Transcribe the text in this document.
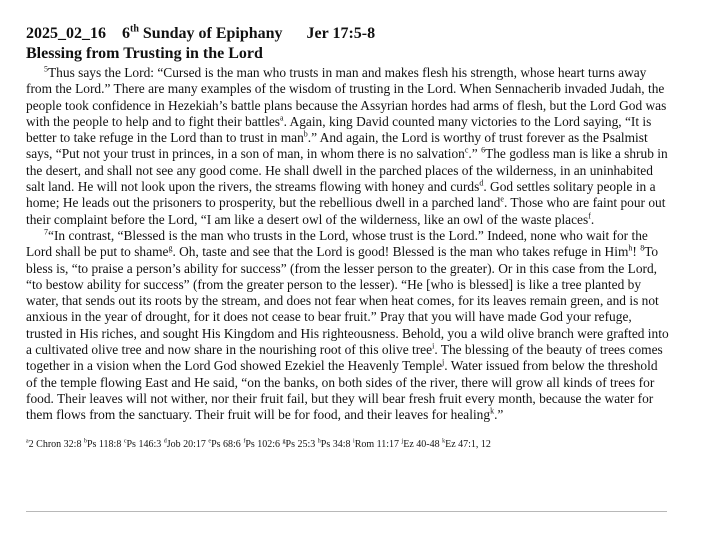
2025_02_16 6th Sunday of Epiphany Jer 17:5-8
Blessing from Trusting in the Lord

$^5$Thus says the Lord: “Cursed is the man who trusts in man and makes flesh his strength, whose heart turns away from the Lord.” There are many examples of the wisdom of trusting in the Lord. When Sennacherib invaded Judah, the people took confidence in Hezekiah’s battle plans because the Assyrian hordes had arms of flesh, but the Lord God was with the people to help and to fight their battles$^a$. Again, king David counted many victories to the Lord saying, “It is better to take refuge in the Lord than to trust in man$^b$.” And again, the Lord is worthy of trust forever as the Psalmist says, “Put not your trust in princes, in a son of man, in whom there is no salvation$^c$.” $^6$The godless man is like a shrub in the desert, and shall not see any good come. He shall dwell in the parched places of the wilderness, in an uninhabited salt land. He will not look upon the rivers, the streams flowing with honey and curds$^d$. God settles solitary people in a home; He leads out the prisoners to prosperity, but the rebellious dwell in a parched land$^e$. Those who are faint pour out their complaint before the Lord, “I am like a desert owl of the wilderness, like an owl of the waste places$^f$.

$^7$“In contrast, “Blessed is the man who trusts in the Lord, whose trust is the Lord.” Indeed, none who wait for the Lord shall be put to shame$^g$. Oh, taste and see that the Lord is good! Blessed is the man who takes refuge in Him$^h$! $^8$To bless is, “to praise a person’s ability for success” (from the lesser person to the greater). Or in this case from the Lord, “to bestow ability for success” (from the greater person to the lesser). “He [who is blessed] is like a tree planted by water, that sends out its roots by the stream, and does not fear when heat comes, for its leaves remain green, and is not anxious in the year of drought, for it does not cease to bear fruit.” Pray that you will have made God your refuge, trusted in His riches, and sought His Kingdom and His righteousness. Behold, you a wild olive branch were grafted into a cultivated olive tree and now share in the nourishing root of this olive tree$^i$. The blessing of the beauty of trees comes together in a vision when the Lord God showed Ezekiel the Heavenly Temple$^j$. Water issued from below the threshold of the temple flowing East and He said, “on the banks, on both sides of the river, there will grow all kinds of trees for food. Their leaves will not wither, nor their fruit fail, but they will bear fresh fruit every month, because the water for them flows from the sanctuary. Their fruit will be for food, and their leaves for healing$^k$.”

$^a$2 Chron 32:8 $^b$Ps 118:8 $^c$Ps 146:3 $^d$Job 20:17 $^e$Ps 68:6 $^f$Ps 102:6 $^g$Ps 25:3 $^h$Ps 34:8 $^i$Rom 11:17 $^j$Ez 40-48 $^k$Ez 47:1, 12
